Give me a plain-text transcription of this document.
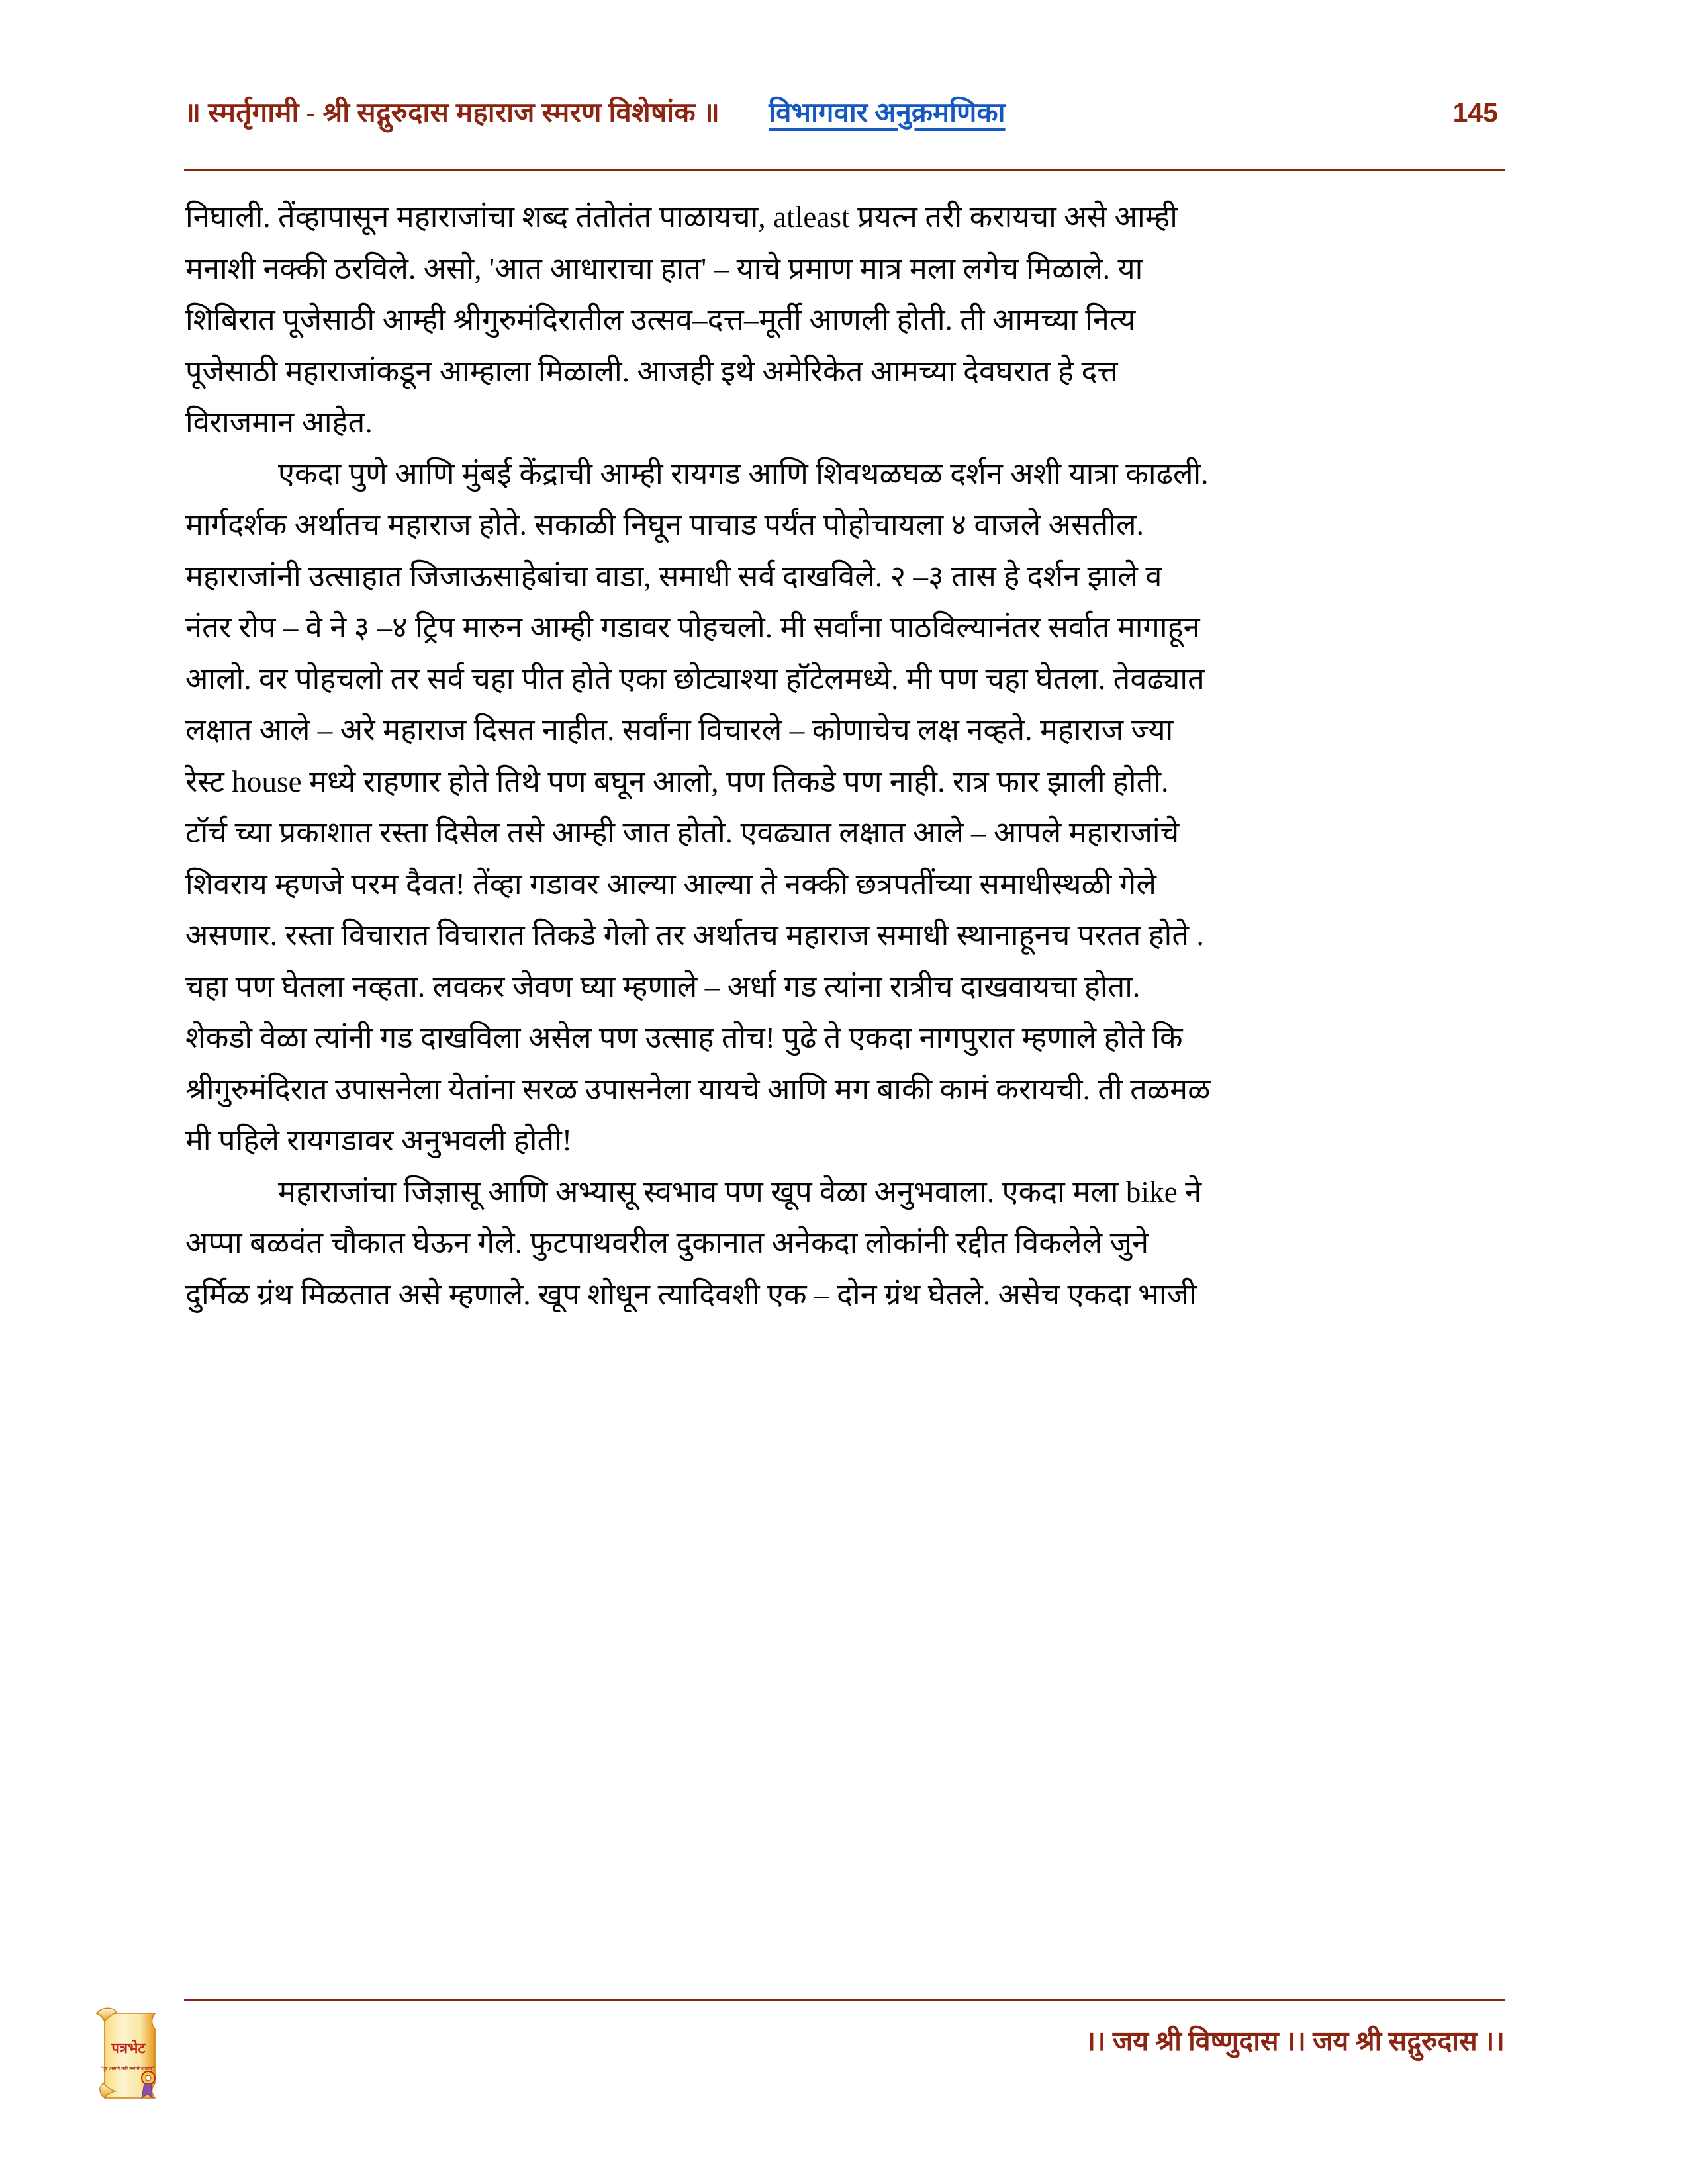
॥ स्मर्तृगामी - श्री सद्गुरुदास महाराज स्मरण विशेषांक ॥ विभागवार अनुक्रमणिका	145
निघाली. तेंव्हापासून महाराजांचा शब्द तंतोतंत पाळायचा, atleast प्रयत्न तरी करायचा असे आम्ही
मनाशी नक्की ठरविले. असो, 'आत आधाराचा हात' – याचे प्रमाण मात्र मला लगेच मिळाले. या
शिबिरात पूजेसाठी आम्ही श्रीगुरुमंदिरातील उत्सव–दत्त–मूर्ती आणली होती. ती आमच्या नित्य
पूजेसाठी महाराजांकडून आम्हाला मिळाली. आजही इथे अमेरिकेत आमच्या देवघरात हे दत्त
विराजमान आहेत.
एकदा पुणे आणि मुंबई केंद्राची आम्ही रायगड आणि शिवथळघळ दर्शन अशी यात्रा काढली.
मार्गदर्शक अर्थातच महाराज होते. सकाळी निघून पाचाड पर्यंत पोहोचायला ४ वाजले असतील.
महाराजांनी उत्साहात जिजाऊसाहेबांचा वाडा, समाधी सर्व दाखविले. २ –३ तास हे दर्शन झाले व
नंतर रोप – वे ने ३ –४ ट्रिप मारुन आम्ही गडावर पोहचलो. मी सर्वांना पाठविल्यानंतर सर्वात मागाहून
आलो. वर पोहचलो तर सर्व चहा पीत होते एका छोट्याश्या हॉटेलमध्ये. मी पण चहा घेतला. तेवढ्यात
लक्षात आले – अरे महाराज दिसत नाहीत. सर्वांना विचारले – कोणाचेच लक्ष नव्हते. महाराज ज्या
रेस्ट house मध्ये राहणार होते तिथे पण बघून आलो, पण तिकडे पण नाही. रात्र फार झाली होती.
टॉर्च च्या प्रकाशात रस्ता दिसेल तसे आम्ही जात होतो. एवढ्यात लक्षात आले – आपले महाराजांचे
शिवराय म्हणजे परम दैवत! तेंव्हा गडावर आल्या आल्या ते नक्की छत्रपतींच्या समाधीस्थळी गेले
असणार. रस्ता विचारात विचारात तिकडे गेलो तर अर्थातच महाराज समाधी स्थानाहूनच परतत होते .
चहा पण घेतला नव्हता. लवकर जेवण घ्या म्हणाले – अर्धा गड त्यांना रात्रीच दाखवायचा होता.
शेकडो वेळा त्यांनी गड दाखविला असेल पण उत्साह तोच! पुढे ते एकदा नागपुरात म्हणाले होते कि
श्रीगुरुमंदिरात उपासनेला येतांना सरळ उपासनेला यायचे आणि मग बाकी कामं करायची. ती तळमळ
मी पहिले रायगडावर अनुभवली होती!
महाराजांचा जिज्ञासू आणि अभ्यासू स्वभाव पण खूप वेळा अनुभवाला. एकदा मला bike ने
अप्पा बळवंत चौकात घेऊन गेले. फुटपाथवरील दुकानात अनेकदा लोकांनी रद्दीत विकलेले जुने
दुर्मिळ ग्रंथ मिळतात असे म्हणाले. खूप शोधून त्यादिवशी एक – दोन ग्रंथ घेतले. असेच एकदा भाजी
।। जय श्री विष्णुदास ।। जय श्री सद्गुरुदास ।।
पत्रभेट
"दूर असले तरी मनाने जवळ"
